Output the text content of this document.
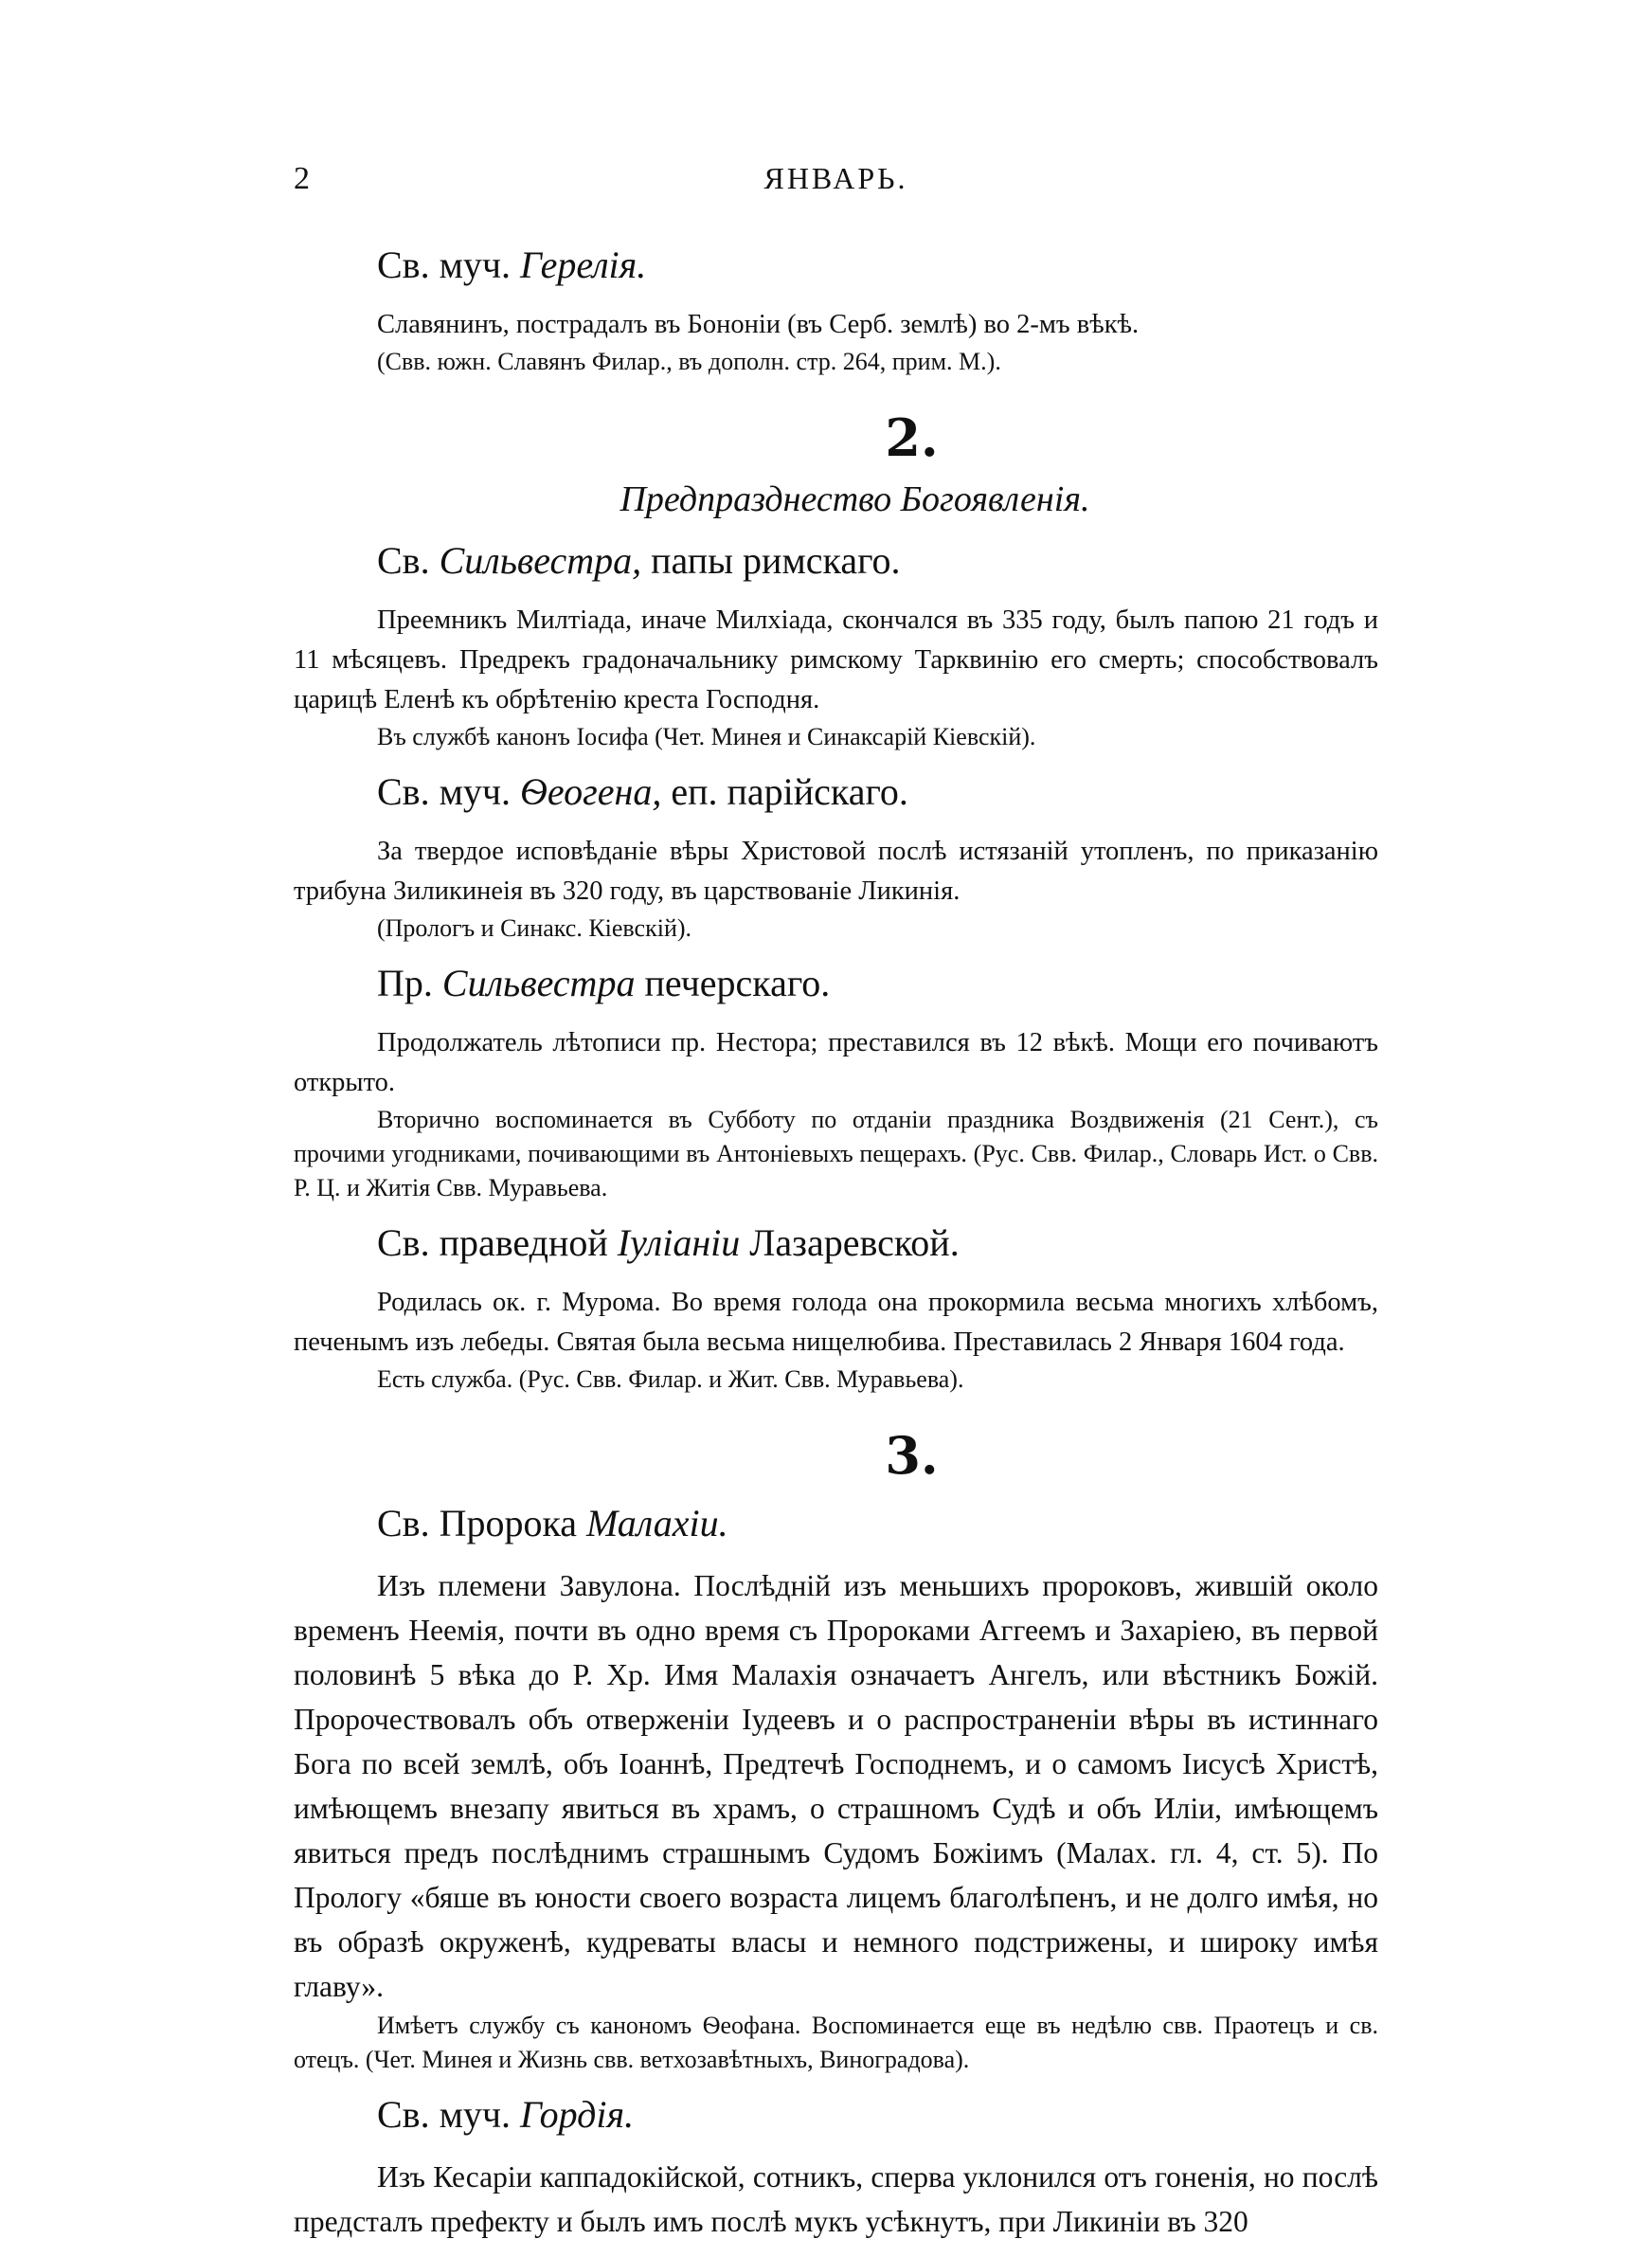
2	ЯНВАРЬ.
Св. муч. Герелія.

Славянинъ, пострадалъ въ Бононіи (въ Серб. землѣ) во 2-мъ вѣкѣ.

(Свв. южн. Славянъ Филар., въ дополн. стр. 264, прим. М.).

2.
Предпразднество Богоявленія.
Св. Сильвестра, папы римскаго.

Преемникъ Милтіада, иначе Милхіада, скончался въ 335 году, былъ папою 21 годъ и 11 мѣсяцевъ. Предрекъ градоначальнику римскому Тарквинію его смерть; способствовалъ царицѣ Еленѣ къ обрѣтенію креста Господня.

Въ службѣ канонъ Іосифа (Чет. Минея и Синаксарій Кіевскій).

Св. муч. Ѳеогена, еп. парійскаго.

За твердое исповѣданіе вѣры Христовой послѣ истязаній утопленъ, по приказанію трибуна Зиликинеія въ 320 году, въ царствованіе Ликинія.

(Прологъ и Синакс. Кіевскій).

Пр. Сильвестра печерскаго.

Продолжатель лѣтописи пр. Нестора; преставился въ 12 вѣкѣ. Мощи его почиваютъ открыто.

Вторично воспоминается въ Субботу по отданіи праздника Воздвиженія (21 Сент.), съ прочими угодниками, почивающими въ Антоніевыхъ пещерахъ. (Рус. Свв. Филар., Словарь Ист. о Свв. Р. Ц. и Житія Свв. Муравьева.

Св. праведной Іуліаніи Лазаревской.

Родилась ок. г. Мурома. Во время голода она прокормила весьма многихъ хлѣбомъ, печенымъ изъ лебеды. Святая была весьма нищелюбива. Преставилась 2 Января 1604 года.

Есть служба. (Рус. Свв. Филар. и Жит. Свв. Муравьева).

3.
Св. Пророка Малахіи.

Изъ племени Завулона. Послѣдній изъ меньшихъ пророковъ, жившій около временъ Неемія, почти въ одно время съ Пророками Аггеемъ и Захаріею, въ первой половинѣ 5 вѣка до Р. Хр. Имя Малахія означаетъ Ангелъ, или вѣстникъ Божій. Пророчествовалъ объ отверженіи Іудеевъ и о распространеніи вѣры въ истиннаго Бога по всей землѣ, объ Іоаннѣ, Предтечѣ Господнемъ, и о самомъ Іисусѣ Христѣ, имѣющемъ внезапу явиться въ храмъ, о страшномъ Судѣ и объ Иліи, имѣющемъ явиться предъ послѣднимъ страшнымъ Судомъ Божіимъ (Малах. гл. 4, ст. 5). По Прологу «бяше въ юности своего возраста лицемъ благолѣпенъ, и не долго имѣя, но въ образѣ окруженѣ, кудреваты власы и немного подстрижены, и широку имѣя главу».

Имѣетъ службу съ канономъ Ѳеофана. Воспоминается еще въ недѣлю свв. Праотецъ и св. отецъ. (Чет. Минея и Жизнь свв. ветхозавѣтныхъ, Виноградова).

Св. муч. Гордія.

Изъ Кесаріи каппадокійской, сотникъ, сперва уклонился отъ гоненія, но послѣ предсталъ префекту и былъ имъ послѣ мукъ усѣкнутъ, при Ликиніи въ 320
